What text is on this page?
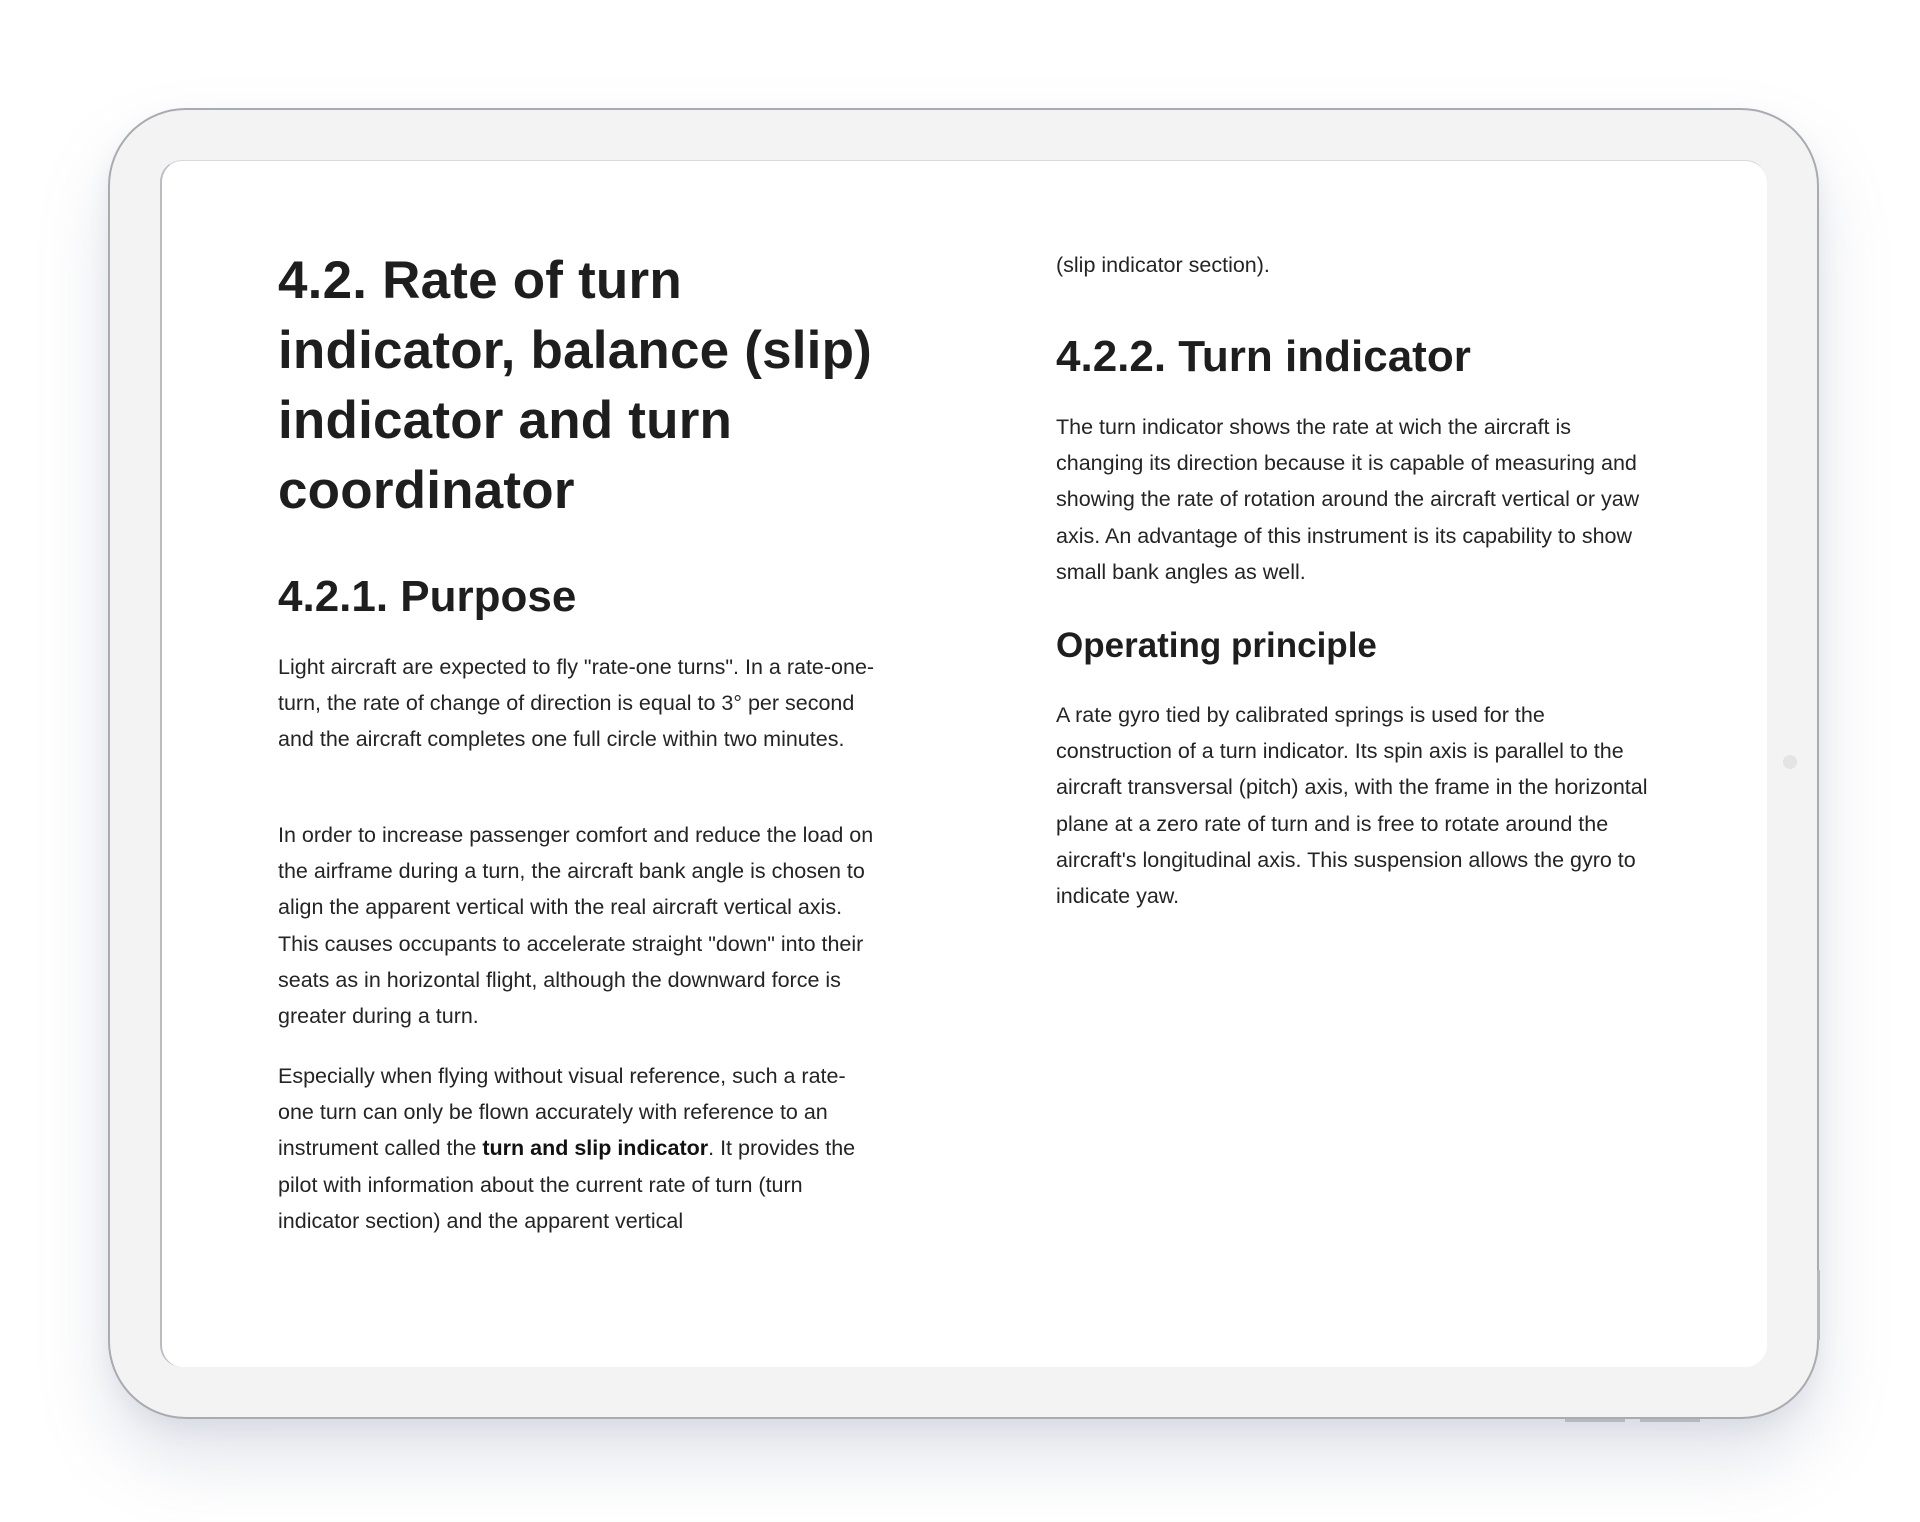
4.2. Rate of turn indicator, balance (slip) indicator and turn coordinator
4.2.1. Purpose

Light aircraft are expected to fly "rate-one turns". In a rate-one-turn, the rate of change of direction is equal to 3° per second and the aircraft completes one full circle within two minutes.

In order to increase passenger comfort and reduce the load on the airframe during a turn, the aircraft bank angle is chosen to align the apparent vertical with the real aircraft vertical axis. This causes occupants to accelerate straight "down" into their seats as in horizontal flight, although the downward force is greater during a turn.

Especially when flying without visual reference, such a rate-one turn can only be flown accurately with reference to an instrument called the turn and slip indicator. It provides the pilot with information about the current rate of turn (turn indicator section) and the apparent vertical

(slip indicator section).

4.2.2. Turn indicator

The turn indicator shows the rate at wich the aircraft is changing its direction because it is capable of measuring and showing the rate of rotation around the aircraft vertical or yaw axis. An advantage of this instrument is its capability to show small bank angles as well.

Operating principle

A rate gyro tied by calibrated springs is used for the construction of a turn indicator. Its spin axis is parallel to the aircraft transversal (pitch) axis, with the frame in the horizontal plane at a zero rate of turn and is free to rotate around the aircraft's longitudinal axis. This suspension allows the gyro to indicate yaw.
